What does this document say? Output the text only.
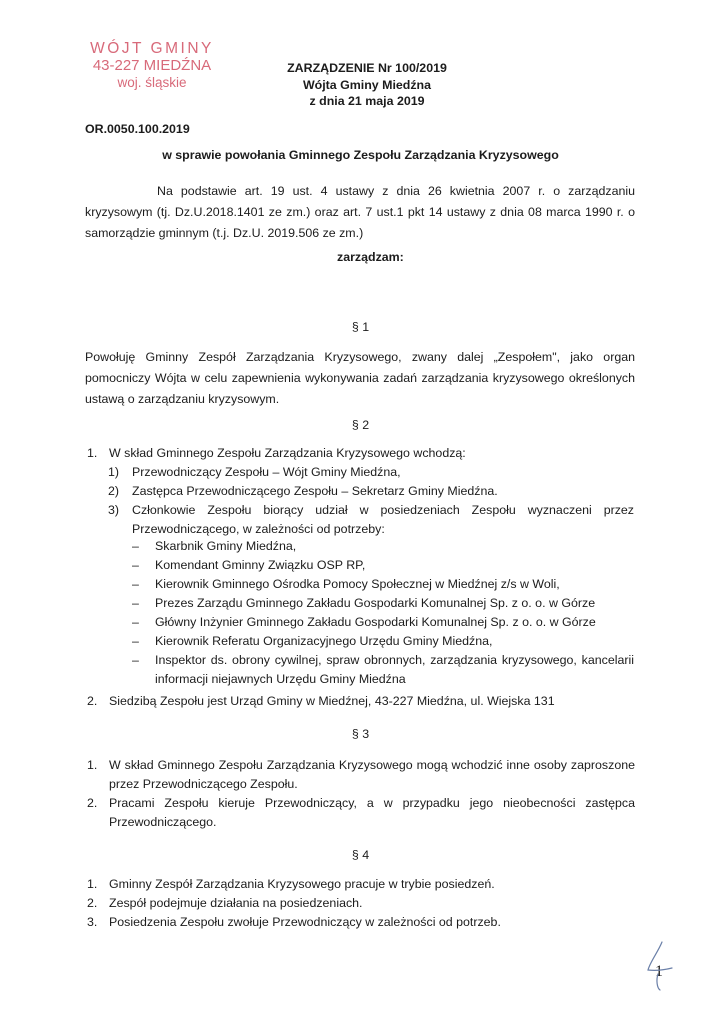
WÓJT GMINY
43-227 MIEDŹNA
woj. śląskie
ZARZĄDZENIE Nr 100/2019
Wójta Gminy Miedźna
z dnia 21 maja 2019
OR.0050.100.2019
w sprawie powołania Gminnego Zespołu Zarządzania Kryzysowego
Na podstawie art. 19 ust. 4 ustawy z dnia 26 kwietnia 2007 r. o zarządzaniu kryzysowym (tj. Dz.U.2018.1401 ze zm.) oraz art. 7 ust.1 pkt 14 ustawy z dnia 08 marca 1990 r. o samorządzie gminnym (t.j. Dz.U. 2019.506 ze zm.)
zarządzam:
§ 1
Powołuję Gminny Zespół Zarządzania Kryzysowego, zwany dalej „Zespołem", jako organ pomocniczy Wójta w celu zapewnienia wykonywania zadań zarządzania kryzysowego określonych ustawą o zarządzaniu kryzysowym.
§ 2
1. W skład Gminnego Zespołu Zarządzania Kryzysowego wchodzą:
1) Przewodniczący Zespołu – Wójt Gminy Miedźna,
2) Zastępca Przewodniczącego Zespołu – Sekretarz Gminy Miedźna.
3) Członkowie Zespołu biorący udział w posiedzeniach Zespołu wyznaczeni przez Przewodniczącego, w zależności od potrzeby:
– Skarbnik Gminy Miedźna,
– Komendant Gminny Związku OSP RP,
– Kierownik Gminnego Ośrodka Pomocy Społecznej w Miedźnej z/s w Woli,
– Prezes Zarządu Gminnego Zakładu Gospodarki Komunalnej Sp. z o. o. w Górze
– Główny Inżynier Gminnego Zakładu Gospodarki Komunalnej Sp. z o. o. w Górze
– Kierownik Referatu Organizacyjnego Urzędu Gminy Miedźna,
– Inspektor ds. obrony cywilnej, spraw obronnych, zarządzania kryzysowego, kancelarii informacji niejawnych Urzędu Gminy Miedźna
2. Siedzibą Zespołu jest Urząd Gminy w Miedźnej, 43-227 Miedźna, ul. Wiejska 131
§ 3
1. W skład Gminnego Zespołu Zarządzania Kryzysowego mogą wchodzić inne osoby zaproszone przez Przewodniczącego Zespołu.
2. Pracami Zespołu kieruje Przewodniczący, a w przypadku jego nieobecności zastępca Przewodniczącego.
§ 4
1. Gminny Zespół Zarządzania Kryzysowego pracuje w trybie posiedzeń.
2. Zespół podejmuje działania na posiedzeniach.
3. Posiedzenia Zespołu zwołuje Przewodniczący w zależności od potrzeb.
1
